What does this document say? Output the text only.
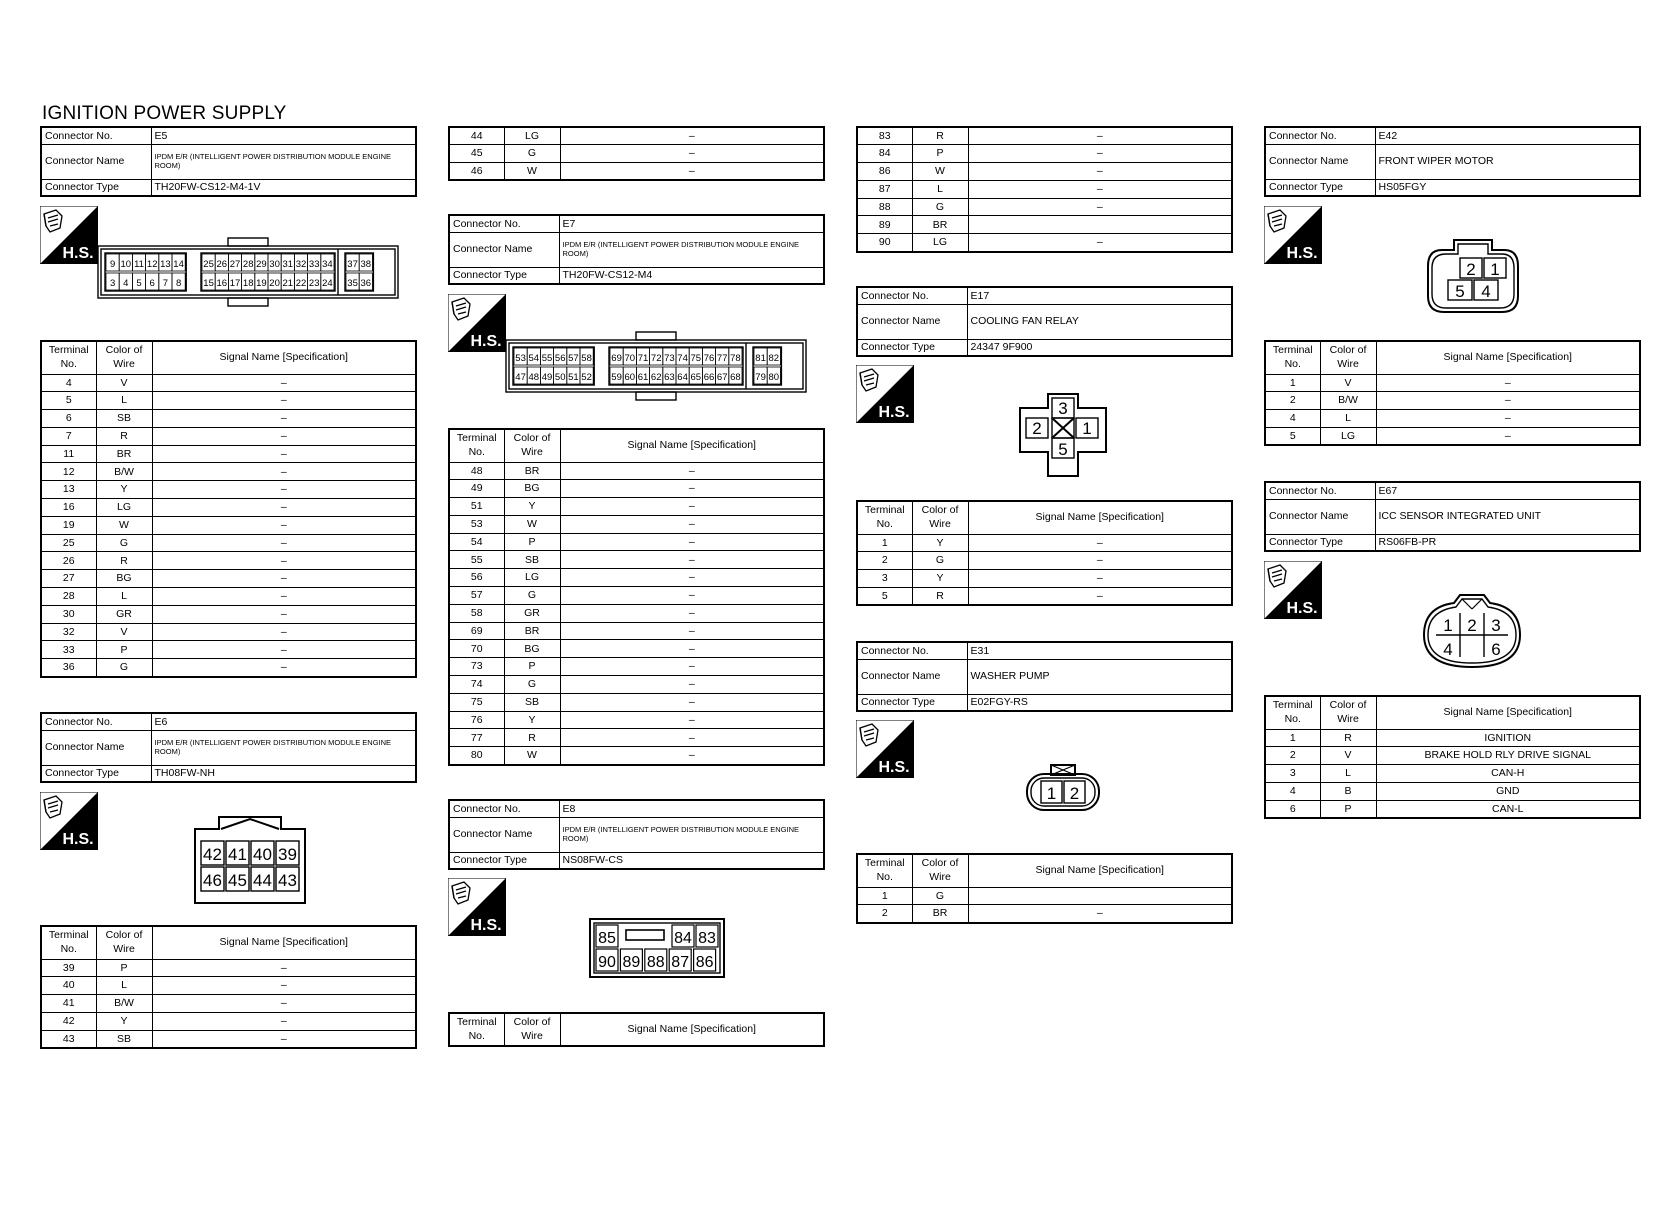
IGNITION POWER SUPPLY
Connector No.	E5
Connector Name	IPDM E/R (INTELLIGENT POWER DISTRIBUTION MODULE ENGINE ROOM)
Connector Type	TH20FW-CS12-M4-1V
H.S.
9
3
10
4
11
5
12
6
13
7
14
8
25
15
26
16
27
17
28
18
29
19
30
20
31
21
32
22
33
23
34
24
37
35
38
36
Terminal No.	Color of Wire	Signal Name [Specification]
4	V	–
5	L	–
6	SB	–
7	R	–
11	BR	–
12	B/W	–
13	Y	–
16	LG	–
19	W	–
25	G	–
26	R	–
27	BG	–
28	L	–
30	GR	–
32	V	–
33	P	–
36	G	–
Connector No.	E6
Connector Name	IPDM E/R (INTELLIGENT POWER DISTRIBUTION MODULE ENGINE ROOM)
Connector Type	TH08FW-NH
H.S.
42
46
41
45
40
44
39
43
Terminal No.	Color of Wire	Signal Name [Specification]
39	P	–
40	L	–
41	B/W	–
42	Y	–
43	SB	–
44	LG	–
45	G	–
46	W	–
Connector No.	E7
Connector Name	IPDM E/R (INTELLIGENT POWER DISTRIBUTION MODULE ENGINE ROOM)
Connector Type	TH20FW-CS12-M4
H.S.
53
47
54
48
55
49
56
50
57
51
58
52
69
59
70
60
71
61
72
62
73
63
74
64
75
65
76
66
77
67
78
68
81
79
82
80
Terminal No.	Color of Wire	Signal Name [Specification]
48	BR	–
49	BG	–
51	Y	–
53	W	–
54	P	–
55	SB	–
56	LG	–
57	G	–
58	GR	–
69	BR	–
70	BG	–
73	P	–
74	G	–
75	SB	–
76	Y	–
77	R	–
80	W	–
Connector No.	E8
Connector Name	IPDM E/R (INTELLIGENT POWER DISTRIBUTION MODULE ENGINE ROOM)
Connector Type	NS08FW-CS
H.S.
85	84 83
90 89 88 87 86
Terminal No.	Color of Wire	Signal Name [Specification]
83	R	–
84	P	–
86	W	–
87	L	–
88	G	–
89	BR	
90	LG	–
Connector No.	E17
Connector Name	COOLING FAN RELAY
Connector Type	24347 9F900
H.S.	3
2 1
5
Terminal No.	Color of Wire	Signal Name [Specification]
1	Y	–
2	G	–
3	Y	–
5	R	–
Connector No.	E31
Connector Name	WASHER PUMP
Connector Type	E02FGY-RS
H.S.
1 2
Terminal No.	Color of Wire	Signal Name [Specification]
1	G	
2	BR	–
Connector No.	E42
Connector Name	FRONT WIPER MOTOR
Connector Type	HS05FGY
H.S.
2 1
5 4
Terminal No.	Color of Wire	Signal Name [Specification]
1	V	–
2	B/W	–
4	L	–
5	LG	–
Connector No.	E67
Connector Name	ICC SENSOR INTEGRATED UNIT
Connector Type	RS06FB-PR
H.S.
1 2 3
4 6
Terminal No.	Color of Wire	Signal Name [Specification]
1	R	IGNITION
2	V	BRAKE HOLD RLY DRIVE SIGNAL
3	L	CAN-H
4	B	GND
6	P	CAN-L
